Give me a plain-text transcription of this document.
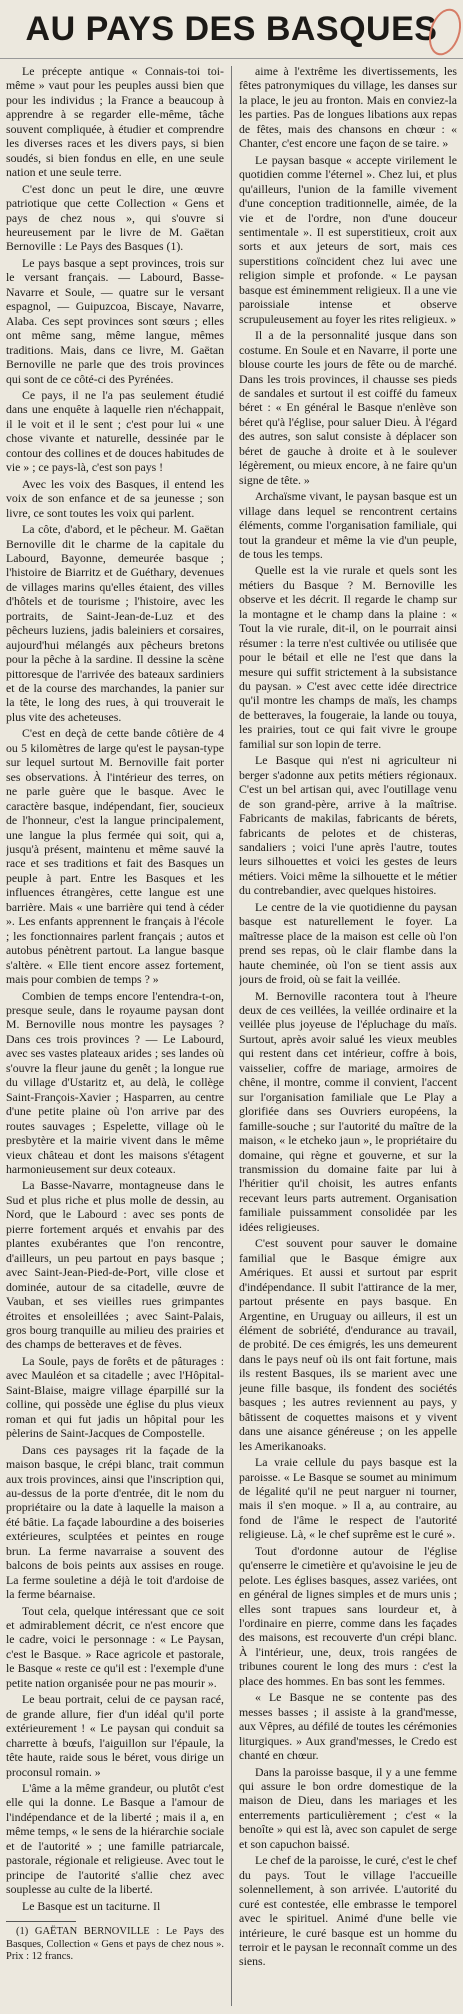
AU PAYS DES BASQUES

Le précepte antique « Connais-toi toi-même » vaut pour les peuples aussi bien que pour les individus ; la France a beaucoup à apprendre à se regarder elle-même, tâche souvent compliquée, à étudier et comprendre les diverses races et les divers pays, si bien soudés, si bien fondus en elle, en une seule nation et une seule terre.

C'est donc un peut le dire, une œuvre patriotique que cette Collection « Gens et pays de chez nous », qui s'ouvre si heureusement par le livre de M. Gaëtan Bernoville : Le Pays des Basques (1).

Le pays basque a sept provinces, trois sur le versant français. — Labourd, Basse-Navarre et Soule, — quatre sur le versant espagnol, — Guipuzcoa, Biscaye, Navarre, Alaba. Ces sept provinces sont sœurs ; elles ont même sang, même langue, mêmes traditions. Mais, dans ce livre, M. Gaëtan Bernoville ne parle que des trois provinces qui sont de ce côté-ci des Pyrénées.

Ce pays, il ne l'a pas seulement étudié dans une enquête à laquelle rien n'échappait, il le voit et il le sent ; c'est pour lui « une chose vivante et naturelle, dessinée par le contour des collines et de douces habitudes de vie » ; ce pays-là, c'est son pays !

Avec les voix des Basques, il entend les voix de son enfance et de sa jeunesse ; son livre, ce sont toutes les voix qui parlent.

La côte, d'abord, et le pêcheur. M. Gaëtan Bernoville dit le charme de la capitale du Labourd, Bayonne, demeurée basque ; l'histoire de Biarritz et de Guéthary, devenues de villages marins qu'elles étaient, des villes d'hôtels et de tourisme ; l'histoire, avec les portraits, de Saint-Jean-de-Luz et des pêcheurs luziens, jadis baleiniers et corsaires, aujourd'hui mélangés aux pêcheurs bretons pour la pêche à la sardine. Il dessine la scène pittoresque de l'arrivée des bateaux sardiniers et de la course des marchandes, la panier sur la tête, le long des rues, à qui trouverait le plus vite des acheteuses.

C'est en deçà de cette bande côtière de 4 ou 5 kilomètres de large qu'est le paysan-type sur lequel surtout M. Bernoville fait porter ses observations. À l'intérieur des terres, on ne parle guère que le basque. Avec le caractère basque, indépendant, fier, soucieux de l'honneur, c'est la langue principalement, une langue la plus fermée qui soit, qui a, jusqu'à présent, maintenu et même sauvé la race et ses traditions et fait des Basques un peuple à part. Entre les Basques et les influences étrangères, cette langue est une barrière. Mais « une barrière qui tend à céder ». Les enfants apprennent le français à l'école ; les fonctionnaires parlent français ; autos et autobus pénètrent partout. La langue basque s'altère. « Elle tient encore assez fortement, mais pour combien de temps ? »

Combien de temps encore l'entendra-t-on, presque seule, dans le royaume paysan dont M. Bernoville nous montre les paysages ? Dans ces trois provinces ? — Le Labourd, avec ses vastes plateaux arides ; ses landes où s'ouvre la fleur jaune du genêt ; la longue rue du village d'Ustaritz et, au delà, le collège Saint-François-Xavier ; Hasparren, au centre d'une petite plaine où l'on arrive par des routes sauvages ; Espelette, village où le presbytère et la mairie vivent dans le même vieux château et dont les maisons s'étagent harmonieusement sur deux coteaux.

La Basse-Navarre, montagneuse dans le Sud et plus riche et plus molle de dessin, au Nord, que le Labourd : avec ses ponts de pierre fortement arqués et envahis par des plantes exubérantes que l'on rencontre, d'ailleurs, un peu partout en pays basque ; avec Saint-Jean-Pied-de-Port, ville close et dominée, autour de sa citadelle, œuvre de Vauban, et ses vieilles rues grimpantes étroites et ensoleillées ; avec Saint-Palais, gros bourg tranquille au milieu des prairies et des champs de betteraves et de fèves.

La Soule, pays de forêts et de pâturages : avec Mauléon et sa citadelle ; avec l'Hôpital-Saint-Blaise, maigre village éparpillé sur la colline, qui possède une église du plus vieux roman et qui fut jadis un hôpital pour les pèlerins de Saint-Jacques de Compostelle.

Dans ces paysages rit la façade de la maison basque, le crépi blanc, trait commun aux trois provinces, ainsi que l'inscription qui, au-dessus de la porte d'entrée, dit le nom du propriétaire ou la date à laquelle la maison a été bâtie. La façade labourdine a des boiseries extérieures, sculptées et peintes en rouge brun. La ferme navarraise a souvent des balcons de bois peints aux assises en rouge. La ferme souletine a déjà le toit d'ardoise de la ferme béarnaise.

Tout cela, quelque intéressant que ce soit et admirablement décrit, ce n'est encore que le cadre, voici le personnage : « Le Paysan, c'est le Basque. » Race agricole et pastorale, le Basque « reste ce qu'il est : l'exemple d'une petite nation organisée pour ne pas mourir ».

Le beau portrait, celui de ce paysan racé, de grande allure, fier d'un idéal qu'il porte extérieurement ! « Le paysan qui conduit sa charrette à bœufs, l'aiguillon sur l'épaule, la tête haute, raide sous le béret, vous dirige un proconsul romain. »

L'âme a la même grandeur, ou plutôt c'est elle qui la donne. Le Basque a l'amour de l'indépendance et de la liberté ; mais il a, en même temps, « le sens de la hiérarchie sociale et de l'autorité » ; une famille patriarcale, pastorale, régionale et religieuse. Avec tout le principe de l'autorité s'allie chez avec souplesse au culte de la liberté.

Le Basque est un taciturne. Il

(1) GAËTAN BERNOVILLE : Le Pays des Basques, Collection « Gens et pays de chez nous ». Prix : 12 francs.

aime à l'extrême les divertissements, les fêtes patronymiques du village, les danses sur la place, le jeu au fronton. Mais en conviez-la les parties. Pas de longues libations aux repas de fêtes, mais des chansons en chœur : « Chanter, c'est encore une façon de se taire. »

Le paysan basque « accepte virilement le quotidien comme l'éternel ». Chez lui, et plus qu'ailleurs, l'union de la famille vivement d'une conception traditionnelle, aimée, de la vie et de l'ordre, non d'une douceur sentimentale ». Il est superstitieux, croit aux sorts et aux jeteurs de sort, mais ces superstitions coïncident chez lui avec une religion simple et profonde. « Le paysan basque est éminemment religieux. Il a une vie paroissiale intense et observe scrupuleusement au foyer les rites religieux. »

Il a de la personnalité jusque dans son costume. En Soule et en Navarre, il porte une blouse courte les jours de fête ou de marché. Dans les trois provinces, il chausse ses pieds de sandales et surtout il est coiffé du fameux béret : « En général le Basque n'enlève son béret qu'à l'église, pour saluer Dieu. À l'égard des autres, son salut consiste à déplacer son béret de gauche à droite et à le soulever légèrement, ou mieux encore, à ne faire qu'un signe de tête. »

Archaïsme vivant, le paysan basque est un village dans lequel se rencontrent certains éléments, comme l'organisation familiale, qui tout la grandeur et même la vie d'un peuple, de tous les temps.

Quelle est la vie rurale et quels sont les métiers du Basque ? M. Bernoville les observe et les décrit. Il regarde le champ sur la montagne et le champ dans la plaine : « Tout la vie rurale, dit-il, on le pourrait ainsi résumer : la terre n'est cultivée ou utilisée que pour le bétail et elle ne l'est que dans la mesure qui suffit strictement à la subsistance du paysan. » C'est avec cette idée directrice qu'il montre les champs de maïs, les champs de betteraves, la fougeraie, la lande ou touya, les prairies, tout ce qui fait vivre le groupe familial sur son lopin de terre.

Le Basque qui n'est ni agriculteur ni berger s'adonne aux petits métiers régionaux. C'est un bel artisan qui, avec l'outillage venu de son grand-père, arrive à la maîtrise. Fabricants de makilas, fabricants de bérets, fabricants de pelotes et de chisteras, sandaliers ; voici l'une après l'autre, toutes leurs silhouettes et voici les gestes de leurs métiers. Voici même la silhouette et le métier du contrebandier, avec quelques histoires.

Le centre de la vie quotidienne du paysan basque est naturellement le foyer. La maîtresse place de la maison est celle où l'on prend ses repas, où le clair flambe dans la haute cheminée, où l'on se tient assis aux jours de froid, où se fait la veillée.

M. Bernoville racontera tout à l'heure deux de ces veillées, la veillée ordinaire et la veillée plus joyeuse de l'épluchage du maïs. Surtout, après avoir salué les vieux meubles qui restent dans cet intérieur, coffre à bois, vaisselier, coffre de mariage, armoires de chêne, il montre, comme il convient, l'accent sur l'organisation familiale que Le Play a glorifiée dans ses Ouvriers européens, la famille-souche ; sur l'autorité du maître de la maison, « le etcheko jaun », le propriétaire du domaine, qui règne et gouverne, et sur la transmission du domaine faite par lui à l'héritier qu'il choisit, les autres enfants recevant leurs parts autrement. Organisation familiale puissamment consolidée par les idées religieuses.

C'est souvent pour sauver le domaine familial que le Basque émigre aux Amériques. Et aussi et surtout par esprit d'indépendance. Il subit l'attirance de la mer, partout présente en pays basque. En Argentine, en Uruguay ou ailleurs, il est un élément de sobriété, d'endurance au travail, de probité. De ces émigrés, les uns demeurent dans le pays neuf où ils ont fait fortune, mais ils restent Basques, ils se marient avec une jeune fille basque, ils fondent des sociétés basques ; les autres reviennent au pays, y bâtissent de coquettes maisons et y vivent dans une aisance généreuse ; on les appelle les Amerikanoaks.

La vraie cellule du pays basque est la paroisse. « Le Basque se soumet au minimum de légalité qu'il ne peut narguer ni tourner, mais il s'en moque. » Il a, au contraire, au fond de l'âme le respect de l'autorité religieuse. Là, « le chef suprême est le curé ».

Tout d'ordonne autour de l'église qu'enserre le cimetière et qu'avoisine le jeu de pelote. Les églises basques, assez variées, ont en général de lignes simples et de murs unis ; elles sont trapues sans lourdeur et, à l'ordinaire en pierre, comme dans les façades des maisons, est recouverte d'un crépi blanc. À l'intérieur, une, deux, trois rangées de tribunes courent le long des murs : c'est la place des hommes. En bas sont les femmes.

« Le Basque ne se contente pas des messes basses ; il assiste à la grand'messe, aux Vêpres, au défilé de toutes les cérémonies liturgiques. » Aux grand'messes, le Credo est chanté en chœur.

Dans la paroisse basque, il y a une femme qui assure le bon ordre domestique de la maison de Dieu, dans les mariages et les enterrements particulièrement ; c'est « la benoîte » qui est là, avec son capulet de serge et son capuchon baissé.

Le chef de la paroisse, le curé, c'est le chef du pays. Tout le village l'accueille solennellement, à son arrivée. L'autorité du curé est contestée, elle embrasse le temporel avec le spirituel. Animé d'une belle vie intérieure, le curé basque est un homme du terroir et le paysan le reconnaît comme un des siens.
